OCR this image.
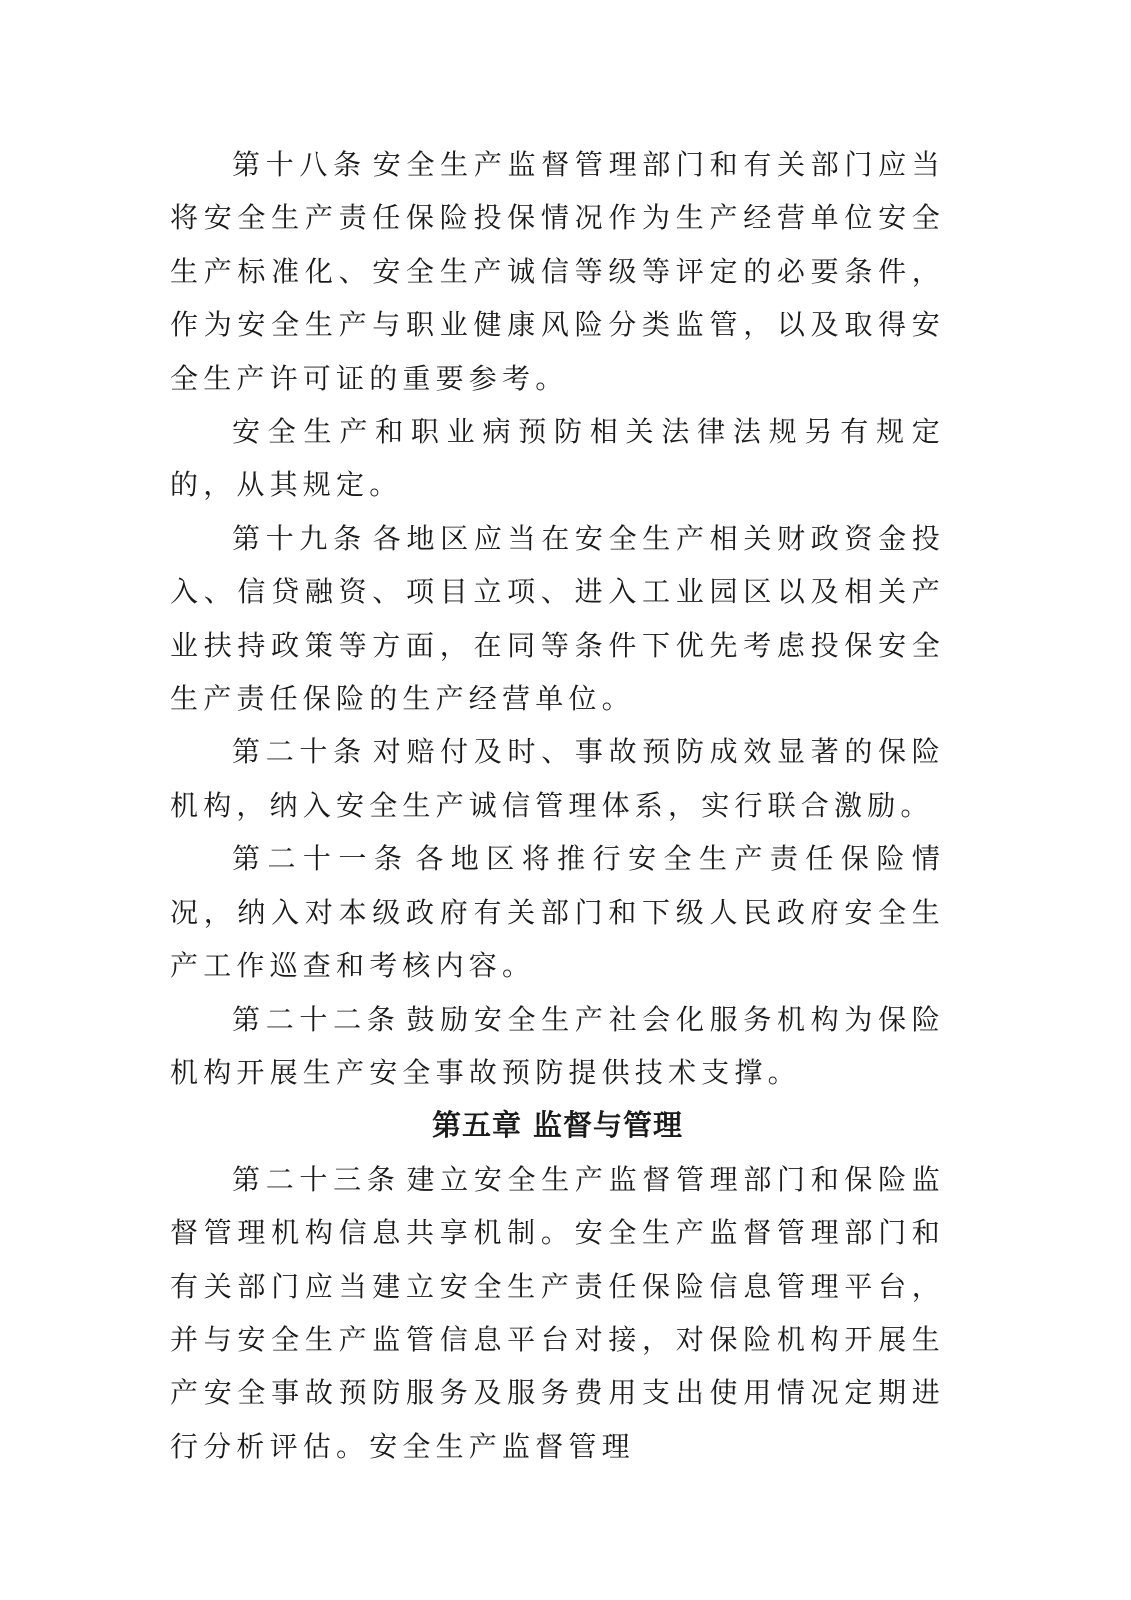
第十八条 安全生产监督管理部门和有关部门应当将安全生产责任保险投保情况作为生产经营单位安全生产标准化、安全生产诚信等级等评定的必要条件，作为安全生产与职业健康风险分类监管，以及取得安全生产许可证的重要参考。

安全生产和职业病预防相关法律法规另有规定的，从其规定。

第十九条 各地区应当在安全生产相关财政资金投入、信贷融资、项目立项、进入工业园区以及相关产业扶持政策等方面，在同等条件下优先考虑投保安全生产责任保险的生产经营单位。

第二十条 对赔付及时、事故预防成效显著的保险机构，纳入安全生产诚信管理体系，实行联合激励。

第二十一条 各地区将推行安全生产责任保险情况，纳入对本级政府有关部门和下级人民政府安全生产工作巡查和考核内容。

第二十二条 鼓励安全生产社会化服务机构为保险机构开展生产安全事故预防提供技术支撑。

第五章 监督与管理

第二十三条 建立安全生产监督管理部门和保险监督管理机构信息共享机制。安全生产监督管理部门和有关部门应当建立安全生产责任保险信息管理平台，并与安全生产监管信息平台对接，对保险机构开展生产安全事故预防服务及服务费用支出使用情况定期进行分析评估。安全生产监督管理
